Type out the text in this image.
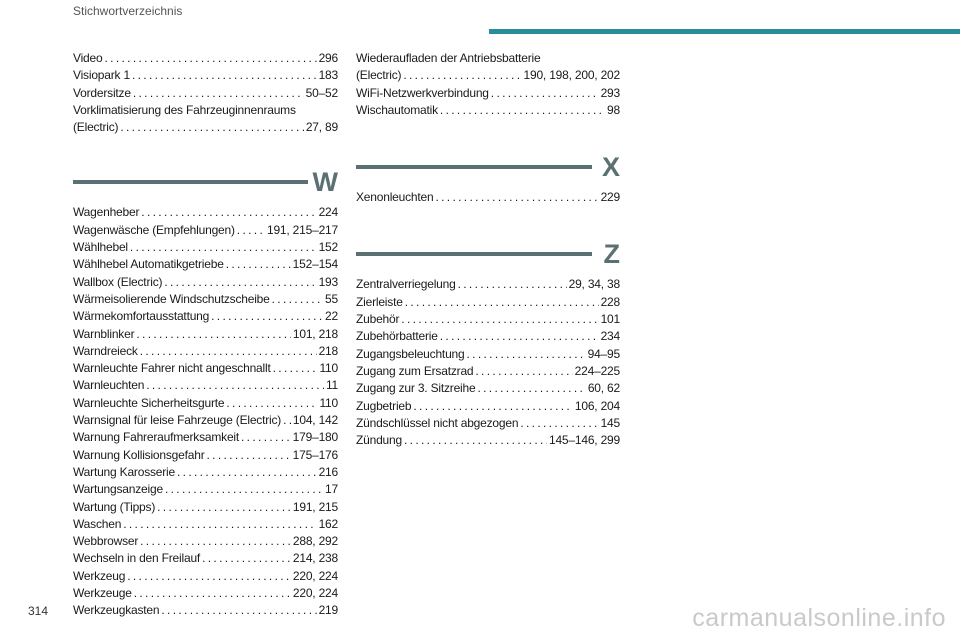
Stichwortverzeichnis
Video . . .	296
Visiopark 1 . . .	183
Vordersitze . . .	50–52
Vorklimatisierung des Fahrzeuginnenraums
(Electric) . . .	27, 89
W
Wagenheber . . .	224
Wagenwäsche (Empfehlungen) . . .	191, 215–217
Wählhebel . . .	152
Wählhebel Automatikgetriebe . . .	152–154
Wallbox (Electric) . . .	193
Wärmeisolierende Windschutzscheibe . . .	55
Wärmekomfortausstattung . . .	22
Warnblinker . . .	101, 218
Warndreieck . . .	218
Warnleuchte Fahrer nicht angeschnallt . . .	110
Warnleuchten . . .	11
Warnleuchte Sicherheitsgurte . . .	110
Warnsignal für leise Fahrzeuge (Electric) . . . 104, 142
Warnung Fahreraufmerksamkeit . . .	179–180
Warnung Kollisionsgefahr . . .	175–176
Wartung Karosserie . . .	216
Wartungsanzeige . . .	17
Wartung (Tipps) . . .	191, 215
Waschen . . .	162
Webbrowser . . .	288, 292
Wechseln in den Freilauf . . .	214, 238
Werkzeug . . .	220, 224
Werkzeuge . . .	220, 224
Werkzeugkasten . . .	219
Wiederaufladen der Antriebsbatterie
(Electric) . . .	190, 198, 200, 202
WiFi-Netzwerkverbindung . . .	293
Wischautomatik . . .	98
X
Xenonleuchten . . .	229
Z
Zentralverriegelung . . .	29, 34, 38
Zierleiste . . .	228
Zubehör . . .	101
Zubehörbatterie . . .	234
Zugangsbeleuchtung . . .	94–95
Zugang zum Ersatzrad . . .	224–225
Zugang zur 3. Sitzreihe . . .	60, 62
Zugbetrieb . . .	106, 204
Zündschlüssel nicht abgezogen . . .	145
Zündung . . .	145–146, 299
314	carmanualsonline.info
